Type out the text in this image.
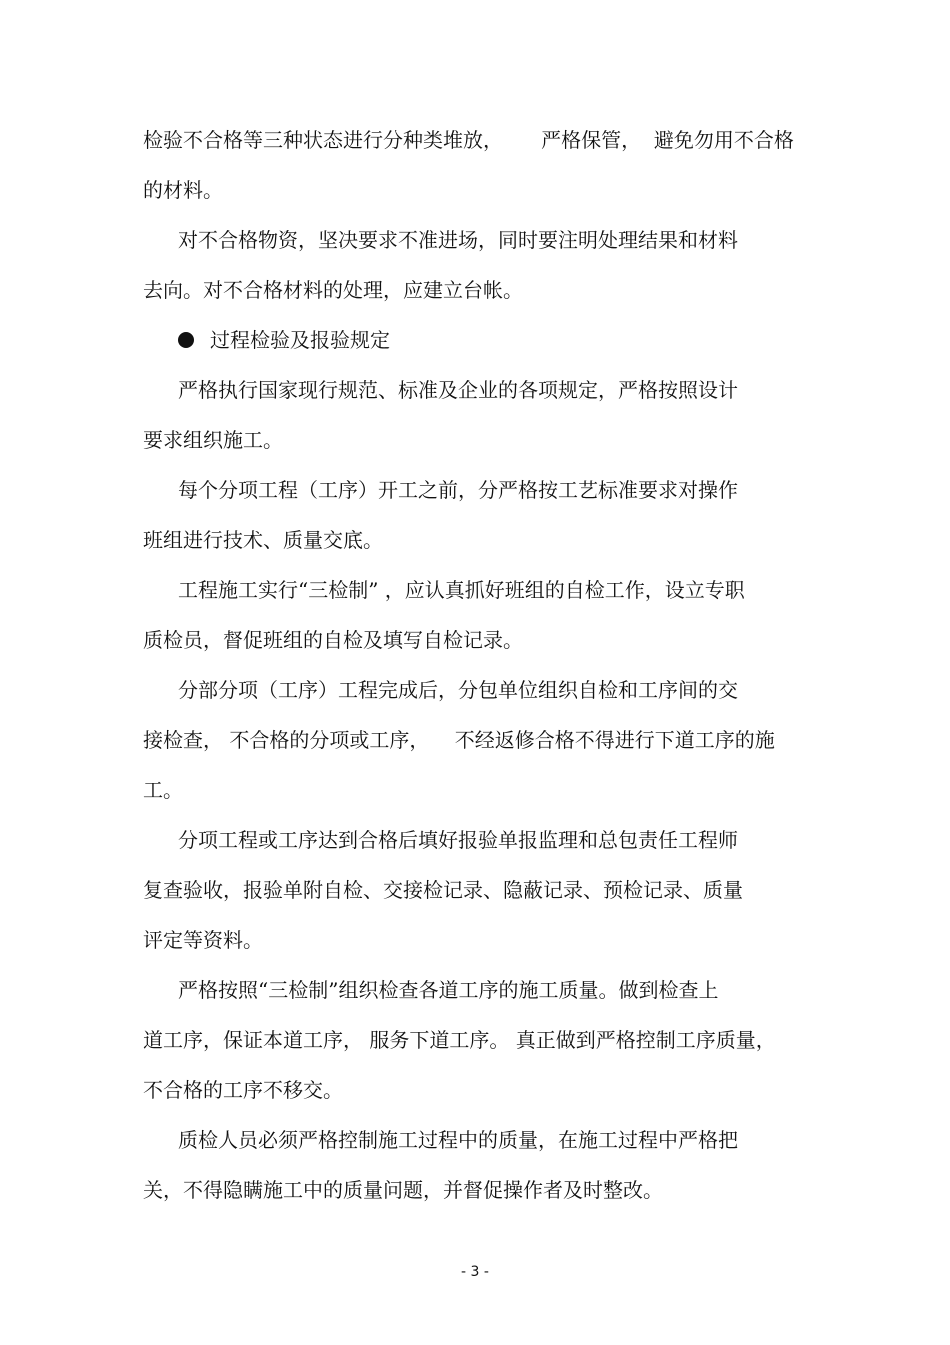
检验不合格等三种状态进行分种类堆放，      严格保管，  避免勿用不合格
的材料。
对不合格物资，坚决要求不准进场，同时要注明处理结果和材料
去向。对不合格材料的处理，应建立台帐。
过程检验及报验规定
严格执行国家现行规范、标准及企业的各项规定，严格按照设计
要求组织施工。
每个分项工程（工序）开工之前，分严格按工艺标准要求对操作
班组进行技术、质量交底。
工程施工实行“三检制” ，应认真抓好班组的自检工作，设立专职
质检员，督促班组的自检及填写自检记录。
分部分项（工序）工程完成后，分包单位组织自检和工序间的交
接检查， 不合格的分项或工序，    不经返修合格不得进行下道工序的施
工。
分项工程或工序达到合格后填好报验单报监理和总包责任工程师
复查验收，报验单附自检、交接检记录、隐蔽记录、预检记录、质量
评定等资料。
严格按照“三检制”组织检查各道工序的施工质量。做到检查上
道工序，保证本道工序， 服务下道工序。 真正做到严格控制工序质量，
不合格的工序不移交。
质检人员必须严格控制施工过程中的质量，在施工过程中严格把
关，不得隐瞒施工中的质量问题，并督促操作者及时整改。
- 3 -
